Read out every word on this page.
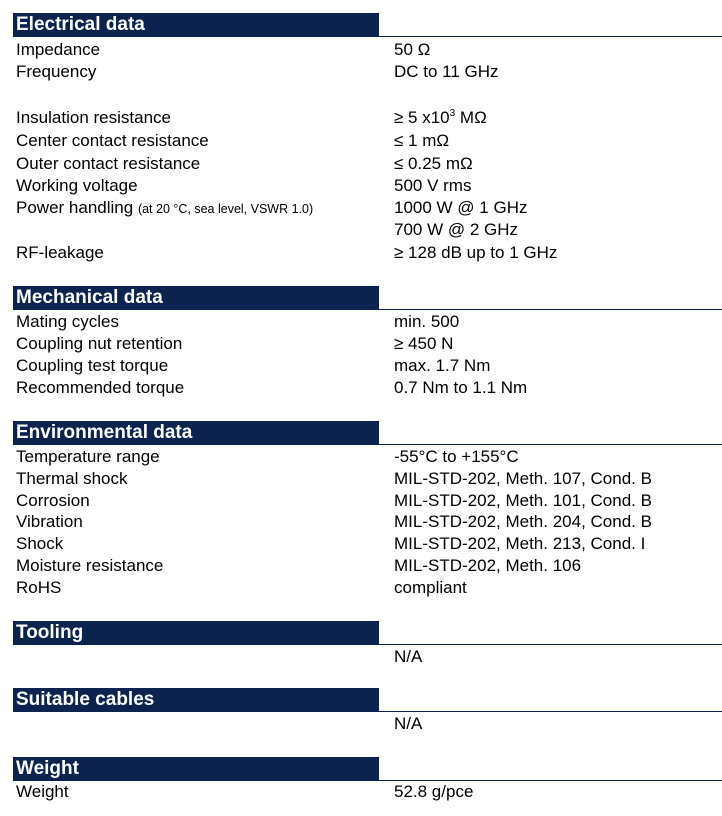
Electrical data
Impedance	50 Ω
Frequency	DC to 11 GHz
Insulation resistance	≥ 5 $x10^3$ MΩ
Center contact resistance	≤ 1 mΩ
Outer contact resistance	≤ 0.25 mΩ
Working voltage	500 V rms
Power handling (at 20 °C, sea level, VSWR 1.0)	1000 W @ 1 GHz
700 W @ 2 GHz
RF-leakage	≥ 128 dB up to 1 GHz
Mechanical data
Mating cycles	min. 500
Coupling nut retention	≥ 450 N
Coupling test torque	max. 1.7 Nm
Recommended torque	0.7 Nm to 1.1 Nm
Environmental data
Temperature range	-55°C to +155°C
Thermal shock	MIL-STD-202, Meth. 107, Cond. B
Corrosion	MIL-STD-202, Meth. 101, Cond. B
Vibration	MIL-STD-202, Meth. 204, Cond. B
Shock	MIL-STD-202, Meth. 213, Cond. I
Moisture resistance	MIL-STD-202, Meth. 106
RoHS	compliant
Tooling
N/A
Suitable cables
N/A
Weight
Weight	52.8 g/pce
